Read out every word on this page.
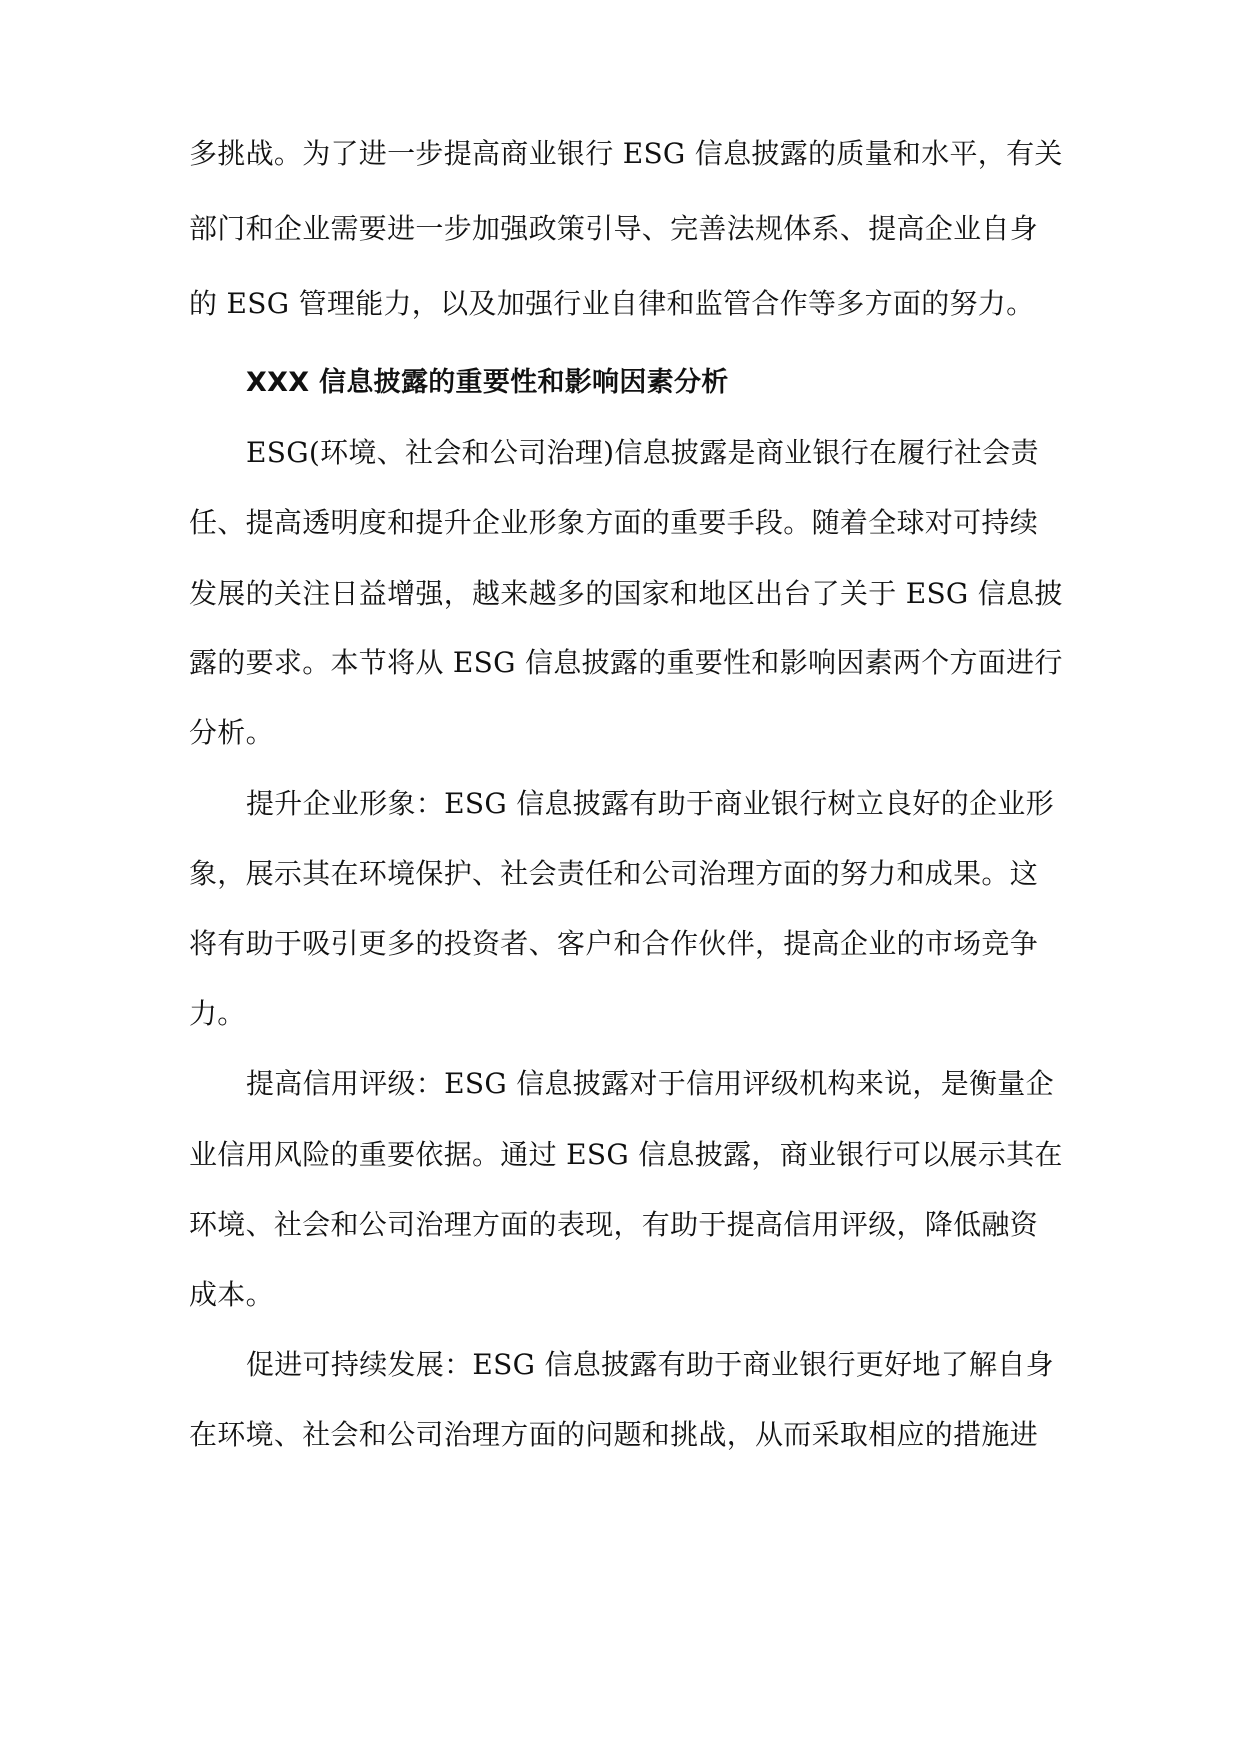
多挑战。为了进一步提高商业银行 ESG 信息披露的质量和水平，有关
部门和企业需要进一步加强政策引导、完善法规体系、提高企业自身
的 ESG 管理能力，以及加强行业自律和监管合作等多方面的努力。
XXX 信息披露的重要性和影响因素分析
ESG(环境、社会和公司治理)信息披露是商业银行在履行社会责
任、提高透明度和提升企业形象方面的重要手段。随着全球对可持续
发展的关注日益增强，越来越多的国家和地区出台了关于 ESG 信息披
露的要求。本节将从 ESG 信息披露的重要性和影响因素两个方面进行
分析。
提升企业形象：ESG 信息披露有助于商业银行树立良好的企业形
象，展示其在环境保护、社会责任和公司治理方面的努力和成果。这
将有助于吸引更多的投资者、客户和合作伙伴，提高企业的市场竞争
力。
提高信用评级：ESG 信息披露对于信用评级机构来说，是衡量企
业信用风险的重要依据。通过 ESG 信息披露，商业银行可以展示其在
环境、社会和公司治理方面的表现，有助于提高信用评级，降低融资
成本。
促进可持续发展：ESG 信息披露有助于商业银行更好地了解自身
在环境、社会和公司治理方面的问题和挑战，从而采取相应的措施进
